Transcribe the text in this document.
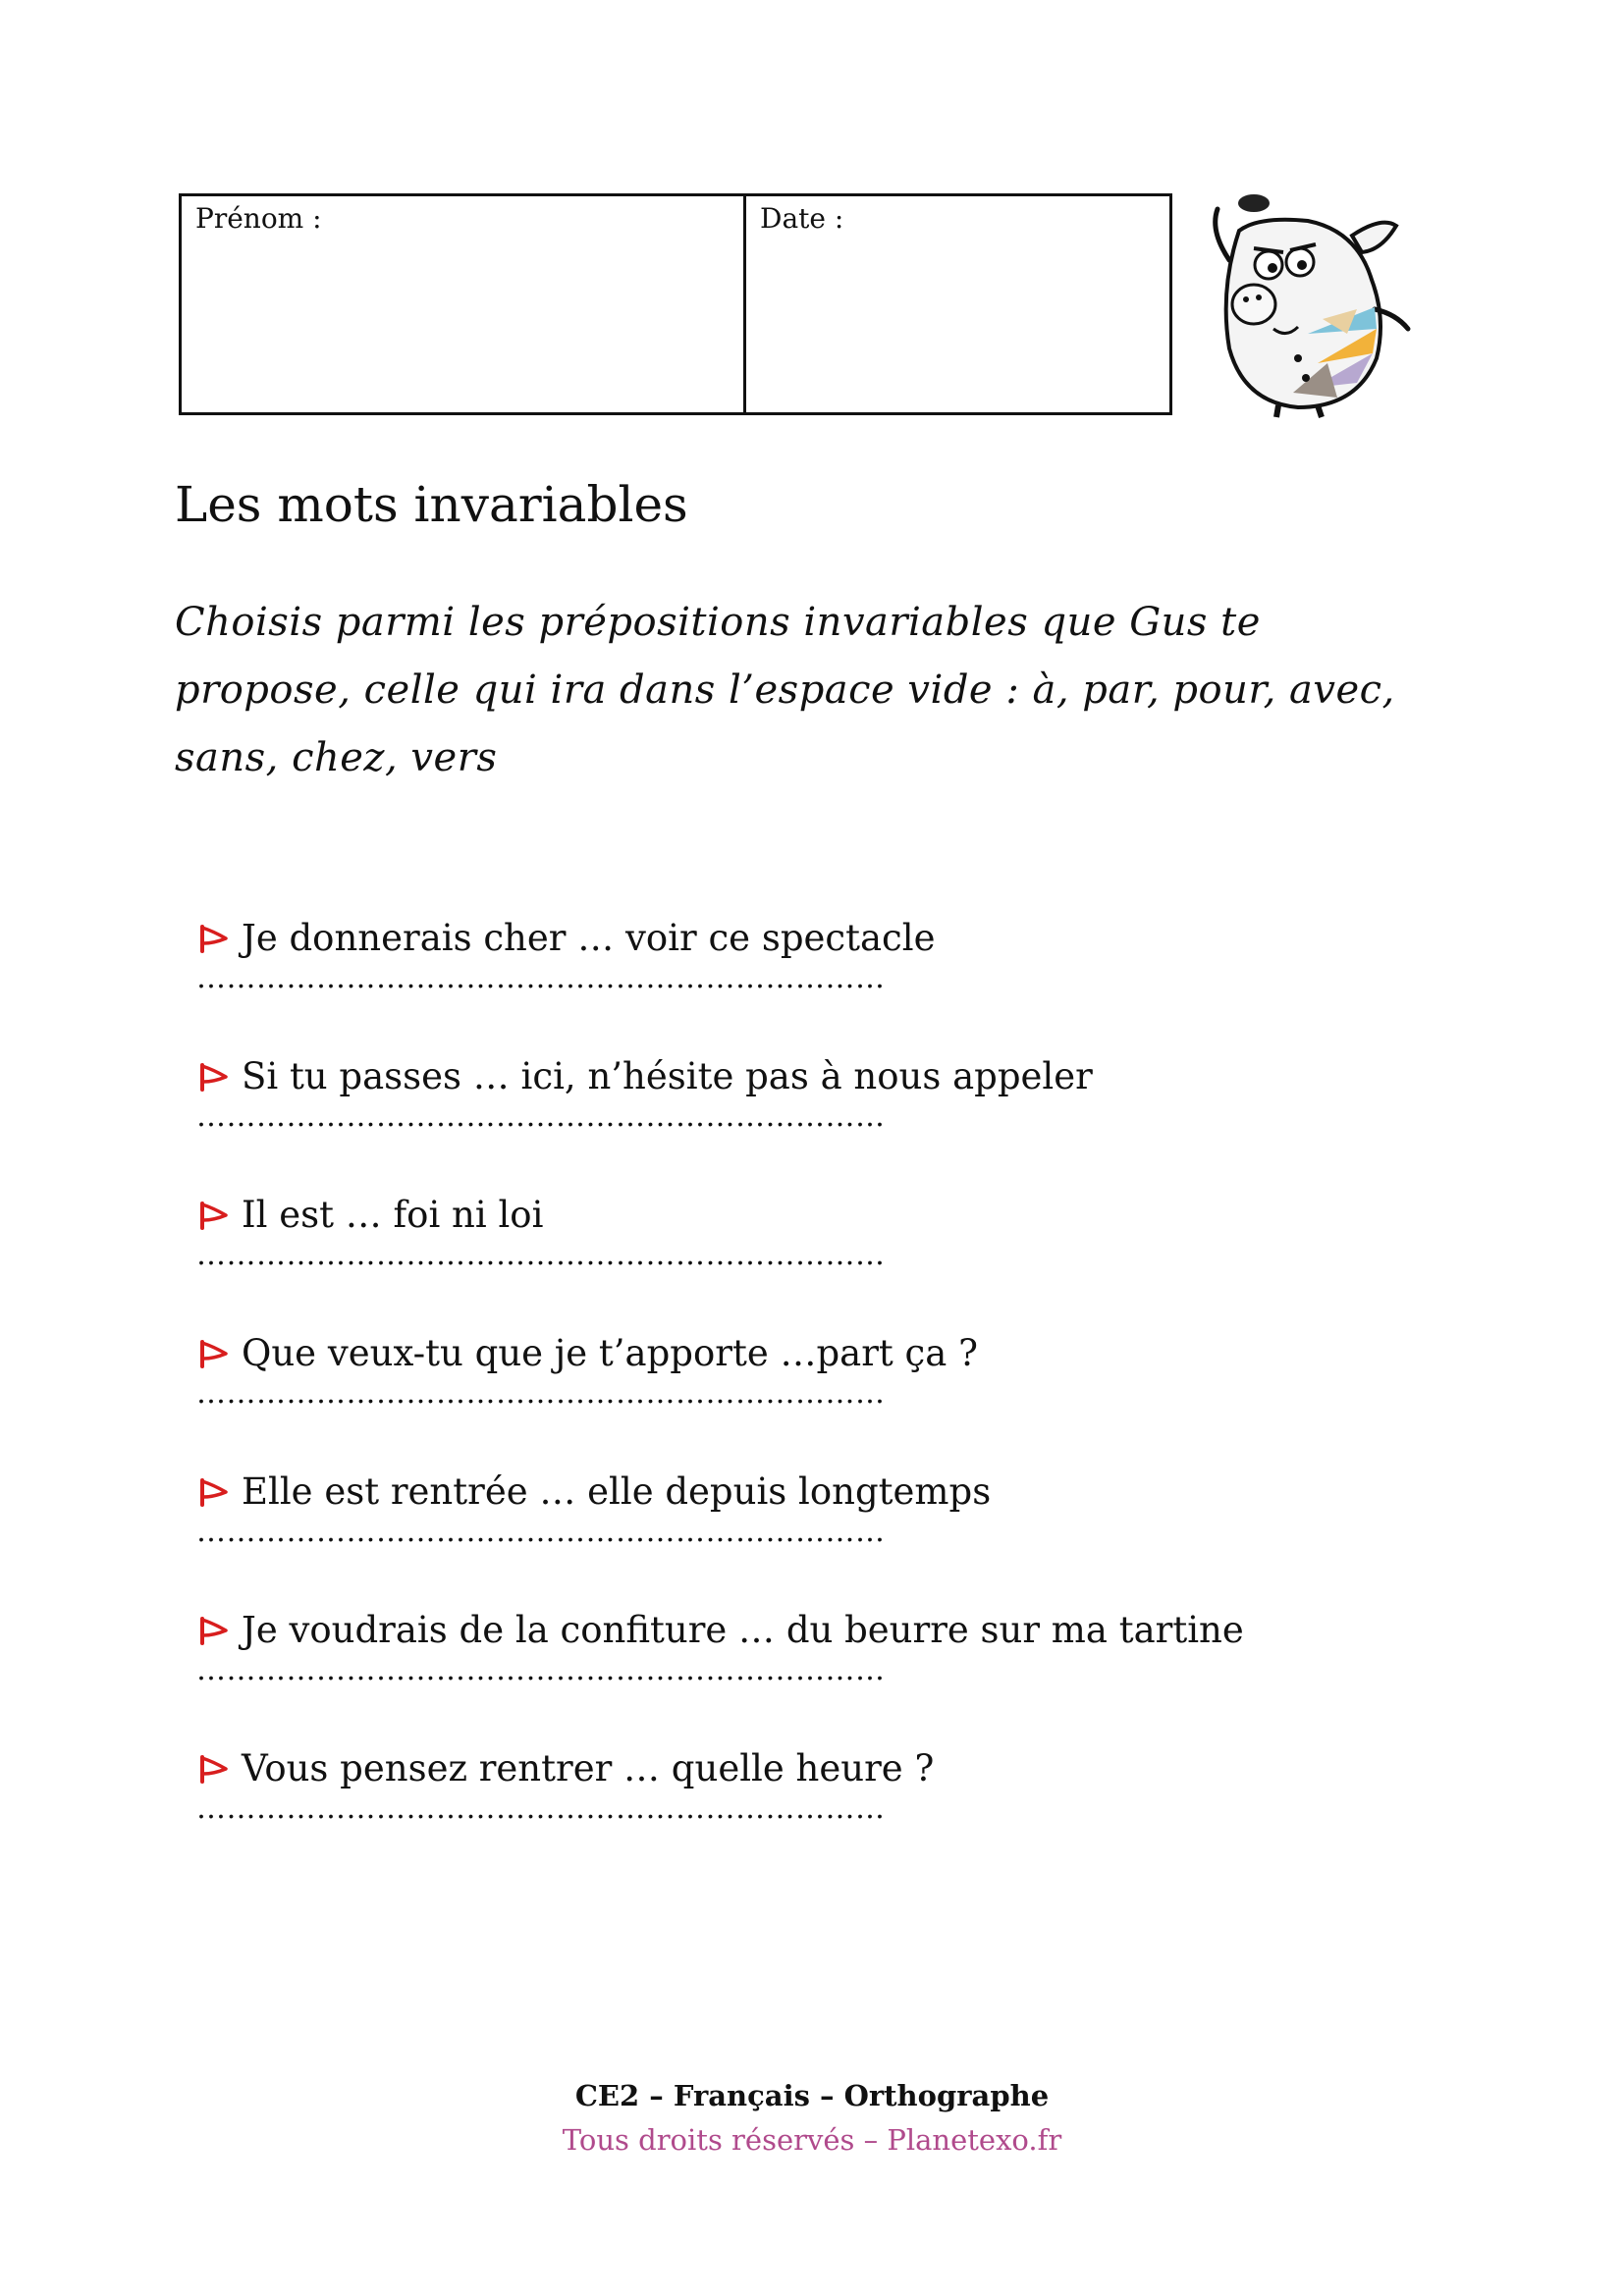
Prénom :	Date :
Les mots invariables
Choisis parmi les prépositions invariables que Gus te propose, celle qui ira dans l’espace vide : à, par, pour, avec, sans, chez, vers
Je donnerais cher … voir ce spectacle
……………………………………………………………
Si tu passes … ici, n’hésite pas à nous appeler
……………………………………………………………
Il est … foi ni loi
……………………………………………………………
Que veux-tu que je t’apporte …part ça ?
……………………………………………………………
Elle est rentrée … elle depuis longtemps
……………………………………………………………
Je voudrais de la confiture … du beurre sur ma tartine
……………………………………………………………
Vous pensez rentrer … quelle heure ?
……………………………………………………………
CE2 – Français – Orthographe
Tous droits réservés – Planetexo.fr
